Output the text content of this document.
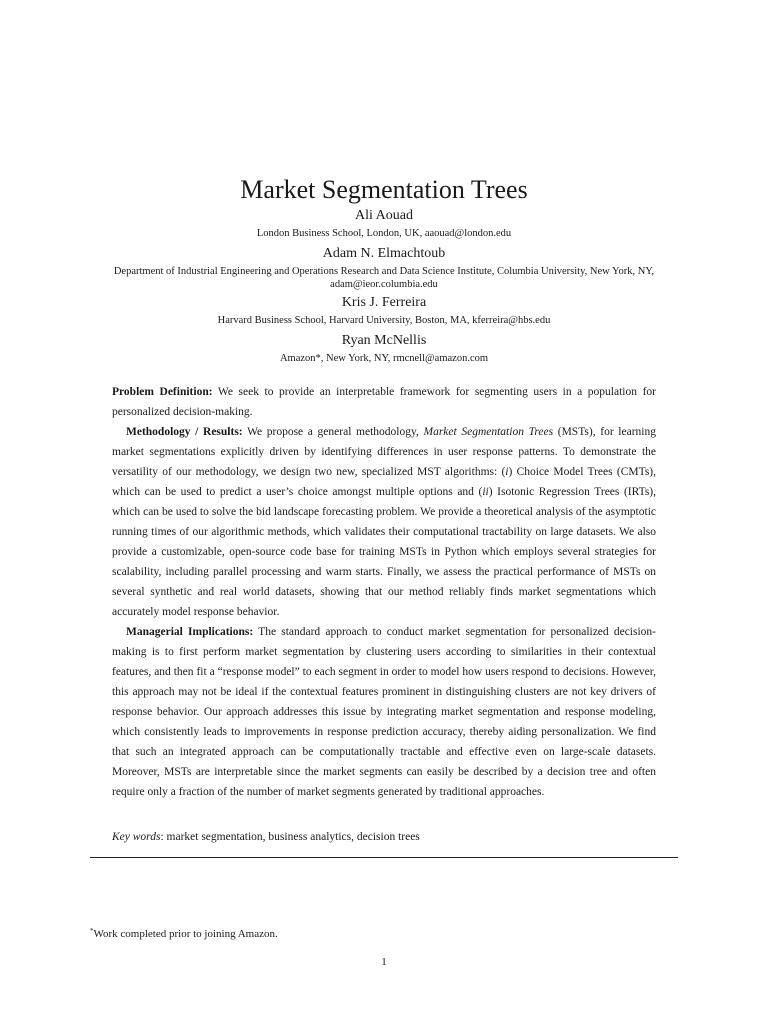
Market Segmentation Trees
Ali Aouad
London Business School, London, UK, aaouad@london.edu
Adam N. Elmachtoub
Department of Industrial Engineering and Operations Research and Data Science Institute, Columbia University, New York, NY,
adam@ieor.columbia.edu
Kris J. Ferreira
Harvard Business School, Harvard University, Boston, MA, kferreira@hbs.edu
Ryan McNellis
Amazon*, New York, NY, rmcnell@amazon.com

Problem Definition: We seek to provide an interpretable framework for segmenting users in a population for personalized decision-making.

Methodology / Results: We propose a general methodology, Market Segmentation Trees (MSTs), for learning market segmentations explicitly driven by identifying differences in user response patterns. To demonstrate the versatility of our methodology, we design two new, specialized MST algorithms: (i) Choice Model Trees (CMTs), which can be used to predict a user’s choice amongst multiple options and (ii) Isotonic Regression Trees (IRTs), which can be used to solve the bid landscape forecasting problem. We provide a theoretical analysis of the asymptotic running times of our algorithmic methods, which validates their computational tractability on large datasets. We also provide a customizable, open-source code base for training MSTs in Python which employs several strategies for scalability, including parallel processing and warm starts. Finally, we assess the practical performance of MSTs on several synthetic and real world datasets, showing that our method reliably finds market segmentations which accurately model response behavior.

Managerial Implications: The standard approach to conduct market segmentation for personalized decision-making is to first perform market segmentation by clustering users according to similarities in their contextual features, and then fit a “response model” to each segment in order to model how users respond to decisions. However, this approach may not be ideal if the contextual features prominent in distinguishing clusters are not key drivers of response behavior. Our approach addresses this issue by integrating market segmentation and response modeling, which consistently leads to improvements in response prediction accuracy, thereby aiding personalization. We find that such an integrated approach can be computationally tractable and effective even on large-scale datasets. Moreover, MSTs are interpretable since the market segments can easily be described by a decision tree and often require only a fraction of the number of market segments generated by traditional approaches.

Key words: market segmentation, business analytics, decision trees
*Work completed prior to joining Amazon.
1
